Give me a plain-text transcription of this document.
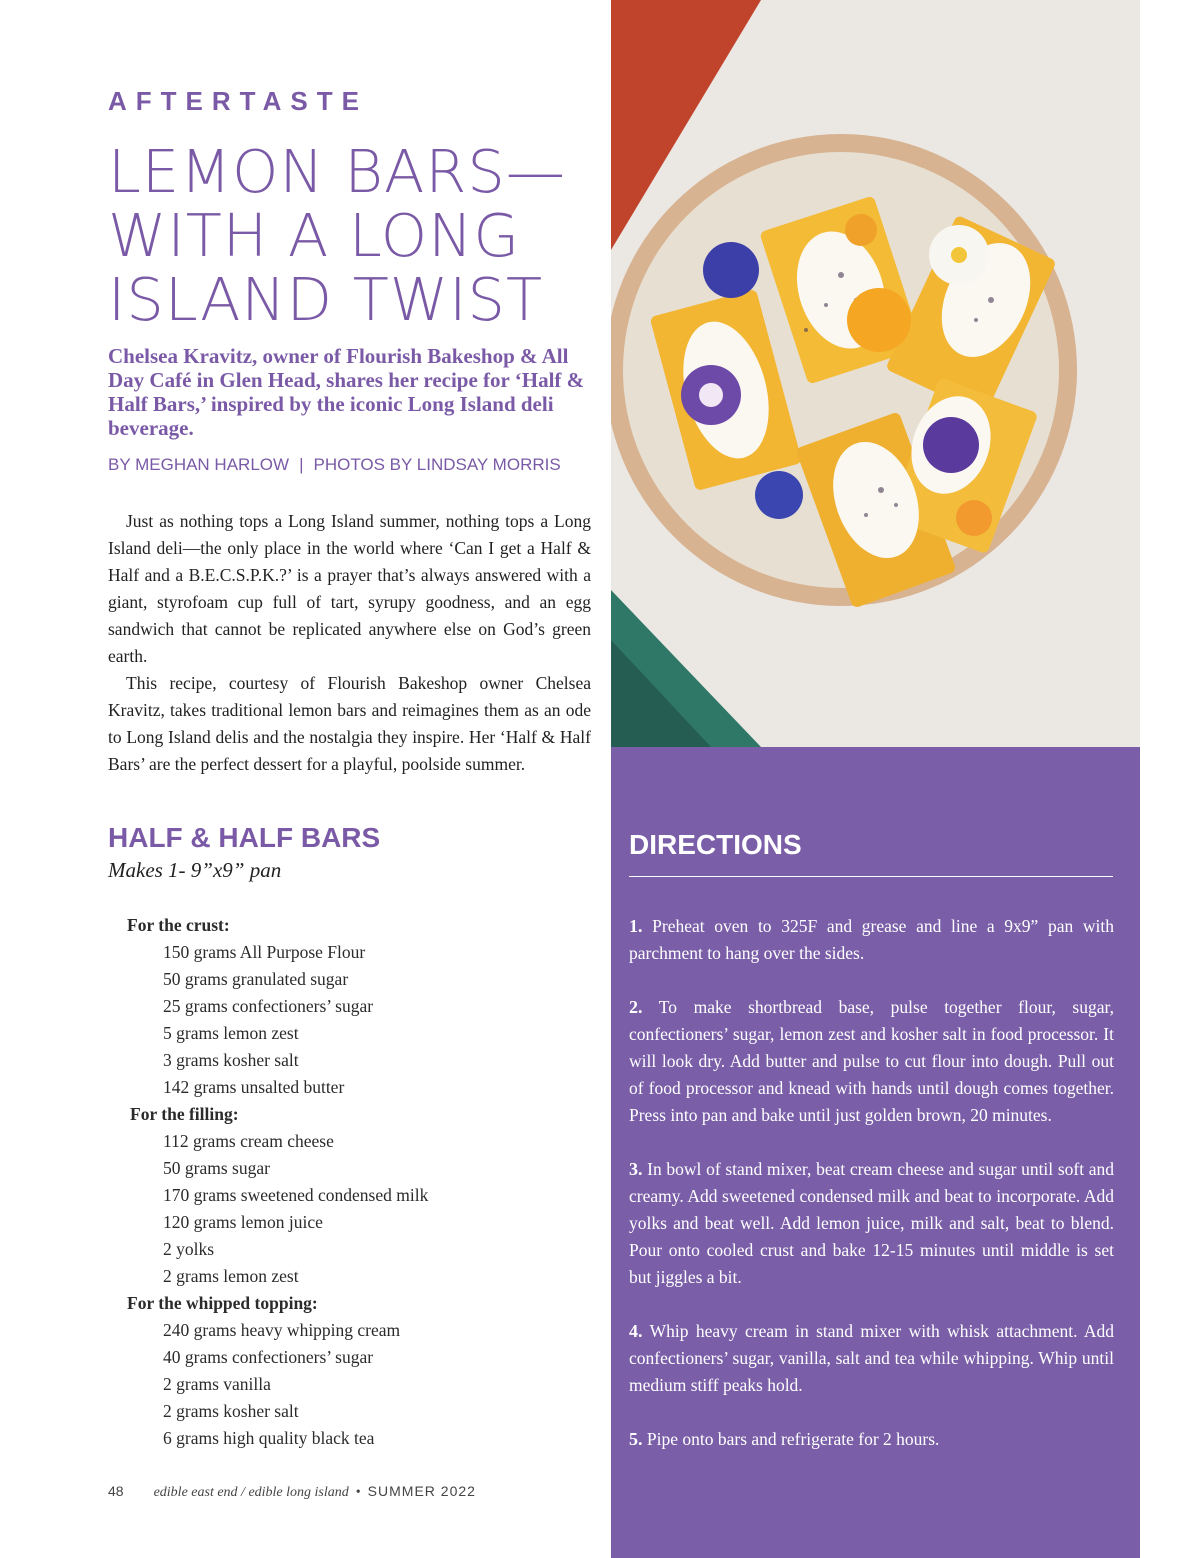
AFTERTASTE
LEMON BARS—
WITH A LONG
ISLAND TWIST
Chelsea Kravitz, owner of Flourish Bakeshop & All Day Café in Glen Head, shares her recipe for ‘Half & Half Bars,’ inspired by the iconic Long Island deli beverage.
BY MEGHAN HARLOW | PHOTOS BY LINDSAY MORRIS

Just as nothing tops a Long Island summer, nothing tops a Long Island deli—the only place in the world where ‘Can I get a Half & Half and a B.E.C.S.P.K.?’ is a prayer that’s always answered with a giant, styrofoam cup full of tart, syrupy goodness, and an egg sandwich that cannot be replicated anywhere else on God’s green earth.

This recipe, courtesy of Flourish Bakeshop owner Chelsea Kravitz, takes traditional lemon bars and reimagines them as an ode to Long Island delis and the nostalgia they inspire. Her ‘Half & Half Bars’ are the perfect dessert for a playful, poolside summer.

HALF & HALF BARS
Makes 1- 9”x9” pan
For the crust:
150 grams All Purpose Flour
50 grams granulated sugar
25 grams confectioners’ sugar
5 grams lemon zest
3 grams kosher salt
142 grams unsalted butter
For the filling:
112 grams cream cheese
50 grams sugar
170 grams sweetened condensed milk
120 grams lemon juice
2 yolks
2 grams lemon zest
For the whipped topping:
240 grams heavy whipping cream
40 grams confectioners’ sugar
2 grams vanilla
2 grams kosher salt
6 grams high quality black tea
48 edible east end / edible long island • SUMMER 2022
DIRECTIONS
1. Preheat oven to 325F and grease and line a 9x9” pan with parchment to hang over the sides.
2. To make shortbread base, pulse together flour, sugar, confectioners’ sugar, lemon zest and kosher salt in food processor. It will look dry. Add butter and pulse to cut flour into dough. Pull out of food processor and knead with hands until dough comes together. Press into pan and bake until just golden brown, 20 minutes.
3. In bowl of stand mixer, beat cream cheese and sugar until soft and creamy. Add sweetened condensed milk and beat to incorporate. Add yolks and beat well. Add lemon juice, milk and salt, beat to blend. Pour onto cooled crust and bake 12-15 minutes until middle is set but jiggles a bit.
4. Whip heavy cream in stand mixer with whisk attachment. Add confectioners’ sugar, vanilla, salt and tea while whipping. Whip until medium stiff peaks hold.
5. Pipe onto bars and refrigerate for 2 hours.
